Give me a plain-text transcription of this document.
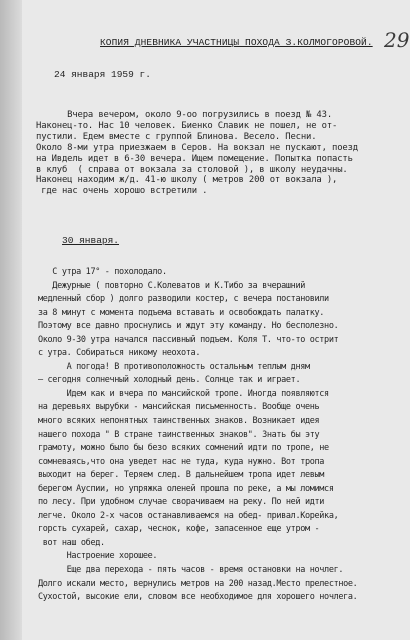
КОПИЯ ДНЕВНИКА УЧАСТНИЦЫ ПОХОДА З.КОЛМОГОРОВОЙ. 29
24 января 1959 г.
Вчера вечером, около 9-оо погрузились в поезд № 43.
Наконец-то. Нас 10 человек. Биенко Славик не пошел, не от-
пустили. Едем вместе с группой Блинова. Весело. Песни.
Около 8-ми утра приезжаем в Серов. На вокзал не пускают, поезд
на Ивдель идет в 6-30 вечера. Ищем помещение. Попытка попасть
в клуб  ( справа от вокзала за столовой ), в школу неудачны.
Наконец находим ж/д. 41-ю школу ( метров 200 от вокзала ),
где нас очень хорошо встретили .
30 января.
С утра 17° - похолодало.
Дежурные ( повторно С.Колеватов и К.Тибо за вчерашний
медленный сбор ) долго разводили костер, с вечера постановили
за 8 минут с момента подъема вставать и освобождать палатку.
Поэтому все давно проснулись и ждут эту команду. Но бесполезно.
Около 9-30 утра начался пассивный подъем. Коля Т. что-то острит
с утра. Собираться никому неохота.
А погода! В противоположность остальным теплым дням
– сегодня солнечный холодный день. Солнце так и играет.
Идем как и вчера по мансийской тропе. Иногда появляются
на деревьях вырубки - мансийская письменность. Вообще очень
много всяких непонятных таинственных знаков. Возникает идея
нашего похода " В стране таинственных знаков". Знать бы эту
грамоту, можно было бы безо всяких сомнений идти по тропе, не
сомневаясь,что она уведет нас не туда, куда нужно. Вот тропа
выходит на берег. Теряем след. В дальнейшем тропа идет левым
берегом Ауспии, но упряжка оленей прошла по реке, а мы ломимся
по лесу. При удобном случае сворачиваем на реку. По ней идти
легче. Около 2-х часов останавливаемся на обед- привал.Корейка,
горсть сухарей, сахар, чеснок, кофе, запасенное еще утром -
вот наш обед.
Настроение хорошее.
Еще два перехода - пять часов - время остановки на ночлег.
Долго искали место, вернулись метров на 200 назад.Место прелестное.
Сухостой, высокие ели, словом все необходимое для хорошего ночлега.
